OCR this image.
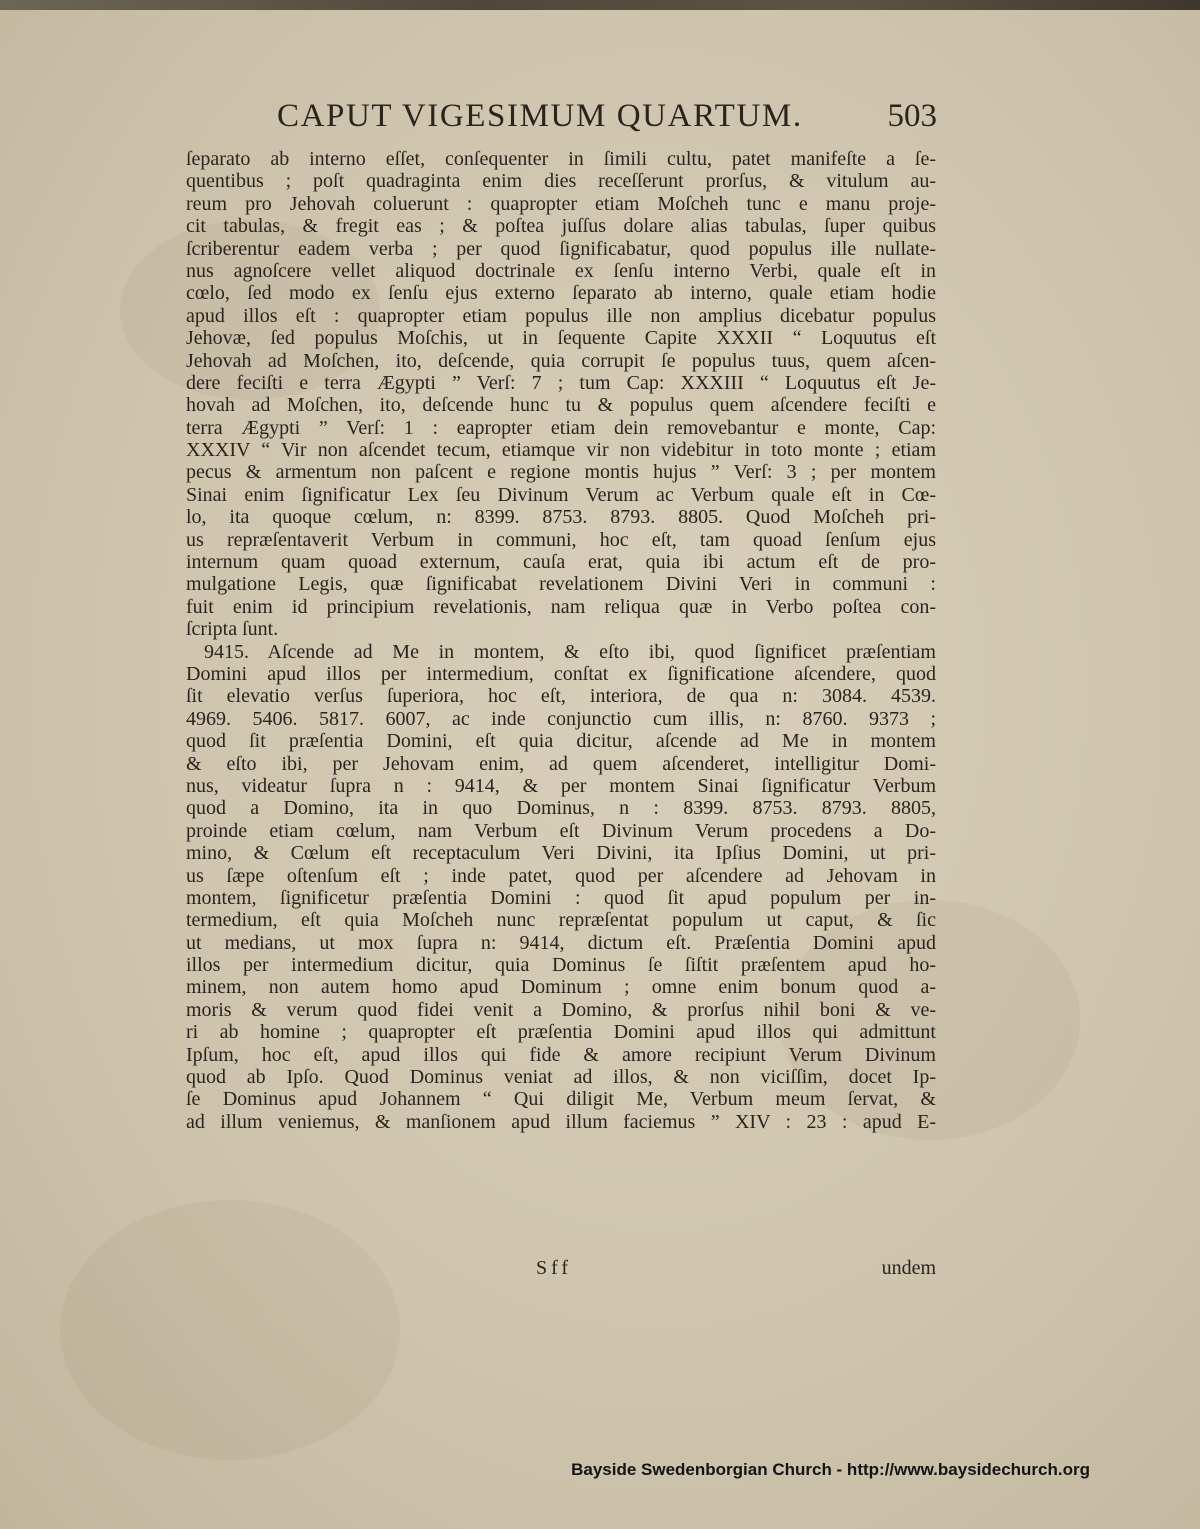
CAPUT VIGESIMUM QUARTUM.	503
ſeparato ab interno eſſet, conſequenter in ſimili cultu, patet manifeſte a ſe-
quentibus ; poſt quadraginta enim dies receſſerunt prorſus, & vitulum au-
reum pro Jehovah coluerunt : quapropter etiam Moſcheh tunc e manu proje-
cit tabulas, & fregit eas ; & poſtea juſſus dolare alias tabulas, ſuper quibus
ſcriberentur eadem verba ; per quod ſignificabatur, quod populus ille nullate-
nus agnoſcere vellet aliquod doctrinale ex ſenſu interno Verbi, quale eſt in
cœlo, ſed modo ex ſenſu ejus externo ſeparato ab interno, quale etiam hodie
apud illos eſt : quapropter etiam populus ille non amplius dicebatur populus
Jehovæ, ſed populus Moſchis, ut in ſequente Capite XXXII “ Loquutus eſt
Jehovah ad Moſchen, ito, deſcende, quia corrupit ſe populus tuus, quem aſcen-
dere feciſti e terra Ægypti ” Verſ: 7 ; tum Cap: XXXIII “ Loquutus eſt Je-
hovah ad Moſchen, ito, deſcende hunc tu & populus quem aſcendere feciſti e
terra Ægypti ” Verſ: 1 : eapropter etiam dein removebantur e monte, Cap:
XXXIV “ Vir non aſcendet tecum, etiamque vir non videbitur in toto monte ; etiam
pecus & armentum non paſcent e regione montis hujus ” Verſ: 3 ; per montem
Sinai enim ſignificatur Lex ſeu Divinum Verum ac Verbum quale eſt in Cœ-
lo, ita quoque cœlum, n: 8399. 8753. 8793. 8805. Quod Moſcheh pri-
us repræſentaverit Verbum in communi, hoc eſt, tam quoad ſenſum ejus
internum quam quoad externum, cauſa erat, quia ibi actum eſt de pro-
mulgatione Legis, quæ ſignificabat revelationem Divini Veri in communi :
fuit enim id principium revelationis, nam reliqua quæ in Verbo poſtea con-
ſcripta ſunt.
9415. Aſcende ad Me in montem, & eſto ibi, quod ſignificet præſentiam
Domini apud illos per intermedium, conſtat ex ſignificatione aſcendere, quod
ſit elevatio verſus ſuperiora, hoc eſt, interiora, de qua n: 3084. 4539.
4969. 5406. 5817. 6007, ac inde conjunctio cum illis, n: 8760. 9373 ;
quod ſit præſentia Domini, eſt quia dicitur, aſcende ad Me in montem
& eſto ibi, per Jehovam enim, ad quem aſcenderet, intelligitur Domi-
nus, videatur ſupra n : 9414, & per montem Sinai ſignificatur Verbum
quod a Domino, ita in quo Dominus, n : 8399. 8753. 8793. 8805,
proinde etiam cœlum, nam Verbum eſt Divinum Verum procedens a Do-
mino, & Cœlum eſt receptaculum Veri Divini, ita Ipſius Domini, ut pri-
us ſæpe oſtenſum eſt ; inde patet, quod per aſcendere ad Jehovam in
montem, ſignificetur præſentia Domini : quod ſit apud populum per in-
termedium, eſt quia Moſcheh nunc repræſentat populum ut caput, & ſic
ut medians, ut mox ſupra n: 9414, dictum eſt. Præſentia Domini apud
illos per intermedium dicitur, quia Dominus ſe ſiſtit præſentem apud ho-
minem, non autem homo apud Dominum ; omne enim bonum quod a-
moris & verum quod fidei venit a Domino, & prorſus nihil boni & ve-
ri ab homine ; quapropter eſt præſentia Domini apud illos qui admittunt
Ipſum, hoc eſt, apud illos qui fide & amore recipiunt Verum Divinum
quod ab Ipſo. Quod Dominus veniat ad illos, & non viciſſim, docet Ip-
ſe Dominus apud Johannem “ Qui diligit Me, Verbum meum ſervat, &
ad illum veniemus, & manſionem apud illum faciemus ” XIV : 23 : apud E-
Sff	undem
Bayside Swedenborgian Church - http://www.baysidechurch.org
